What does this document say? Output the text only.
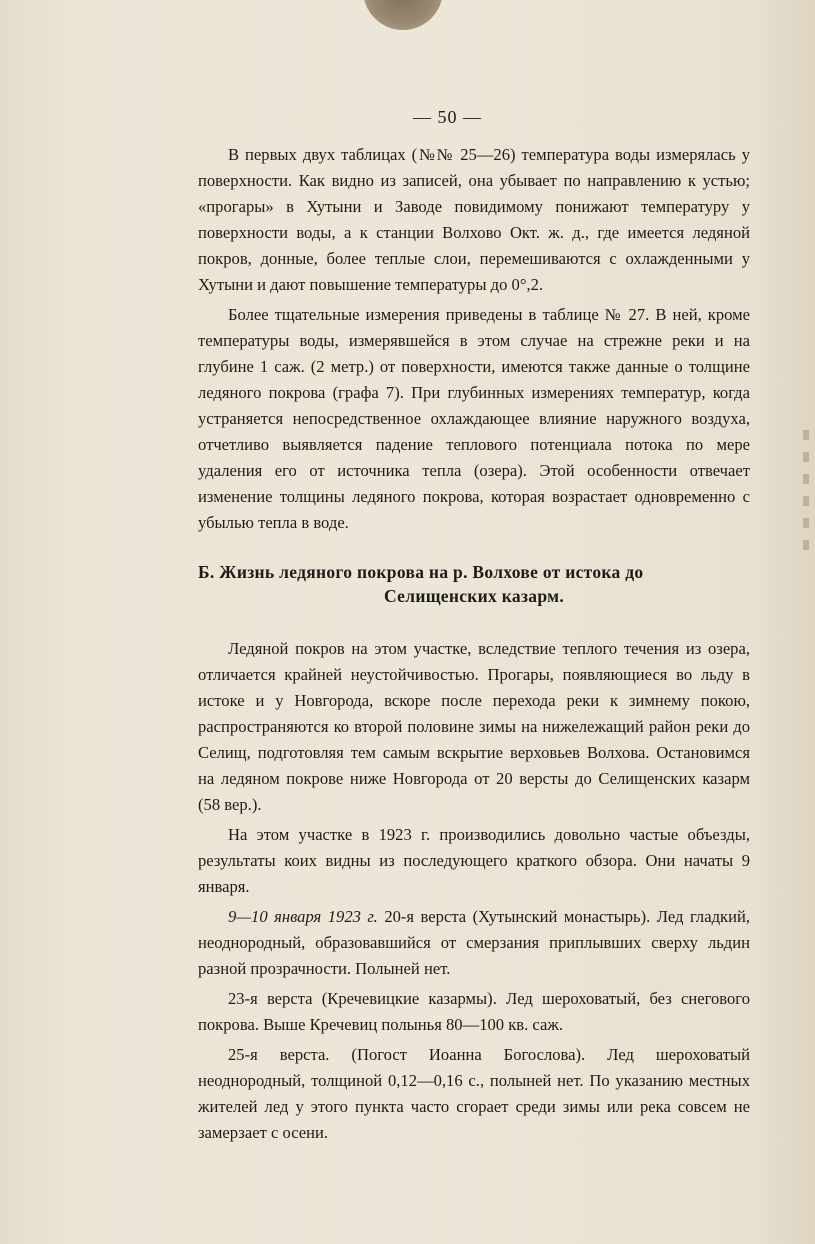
— 50 —

В первых двух таблицах (№№ 25—26) температура воды измерялась у поверхности. Как видно из записей, она убывает по направлению к устью; «прогары» в Хутыни и Заводе повидимому понижают температуру у поверхности воды, а к станции Волхово Окт. ж. д., где имеется ледяной покров, донные, более теплые слои, перемешиваются с охлажденными у Хутыни и дают повышение температуры до 0°,2.

Более тщательные измерения приведены в таблице № 27. В ней, кроме температуры воды, измерявшейся в этом случае на стрежне реки и на глубине 1 саж. (2 метр.) от поверхности, имеются также данные о толщине ледяного покрова (графа 7). При глубинных измерениях температур, когда устраняется непосредственное охлаждающее влияние наружного воздуха, отчетливо выявляется падение теплового потенциала потока по мере удаления его от источника тепла (озера). Этой особенности отвечает изменение толщины ледяного покрова, которая возрастает одновременно с убылью тепла в воде.

Б. Жизнь ледяного покрова на р. Волхове от истока до
Селищенских казарм.

Ледяной покров на этом участке, вследствие теплого течения из озера, отличается крайней неустойчивостью. Прогары, появляющиеся во льду в истоке и у Новгорода, вскоре после перехода реки к зимнему покою, распространяются ко второй половине зимы на нижележащий район реки до Селищ, подготовляя тем самым вскрытие верховьев Волхова. Остановимся на ледяном покрове ниже Новгорода от 20 версты до Селищенских казарм (58 вер.).

На этом участке в 1923 г. производились довольно частые объезды, результаты коих видны из последующего краткого обзора. Они начаты 9 января.

9—10 января 1923 г. 20-я верста (Хутынский монастырь). Лед гладкий, неоднородный, образовавшийся от смерзания приплывших сверху льдин разной прозрачности. Полыней нет.

23-я верста (Кречевицкие казармы). Лед шероховатый, без снегового покрова. Выше Кречевиц полынья 80—100 кв. саж.

25-я верста. (Погост Иоанна Богослова). Лед шероховатый неоднородный, толщиной 0,12—0,16 с., полыней нет. По указанию местных жителей лед у этого пункта часто сгорает среди зимы или река совсем не замерзает с осени.
